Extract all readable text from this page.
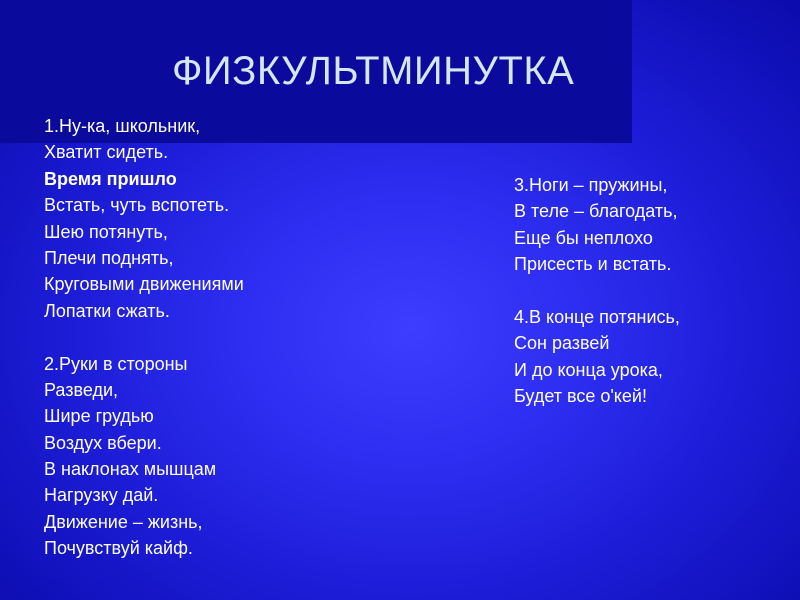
ФИЗКУЛЬТМИНУТКА
1.Ну-ка, школьник,
Хватит сидеть.
Время пришло
Встать, чуть вспотеть.
Шею потянуть,
Плечи поднять,
Круговыми движениями
Лопатки сжать.
2.Руки в стороны
Разведи,
Шире грудью
Воздух вбери.
В наклонах мышцам
Нагрузку дай.
Движение – жизнь,
Почувствуй кайф.
3.Ноги – пружины,
В теле – благодать,
Еще бы неплохо
Присесть и встать.
4.В конце потянись,
Сон развей
И до конца урока,
Будет все о'кей!
